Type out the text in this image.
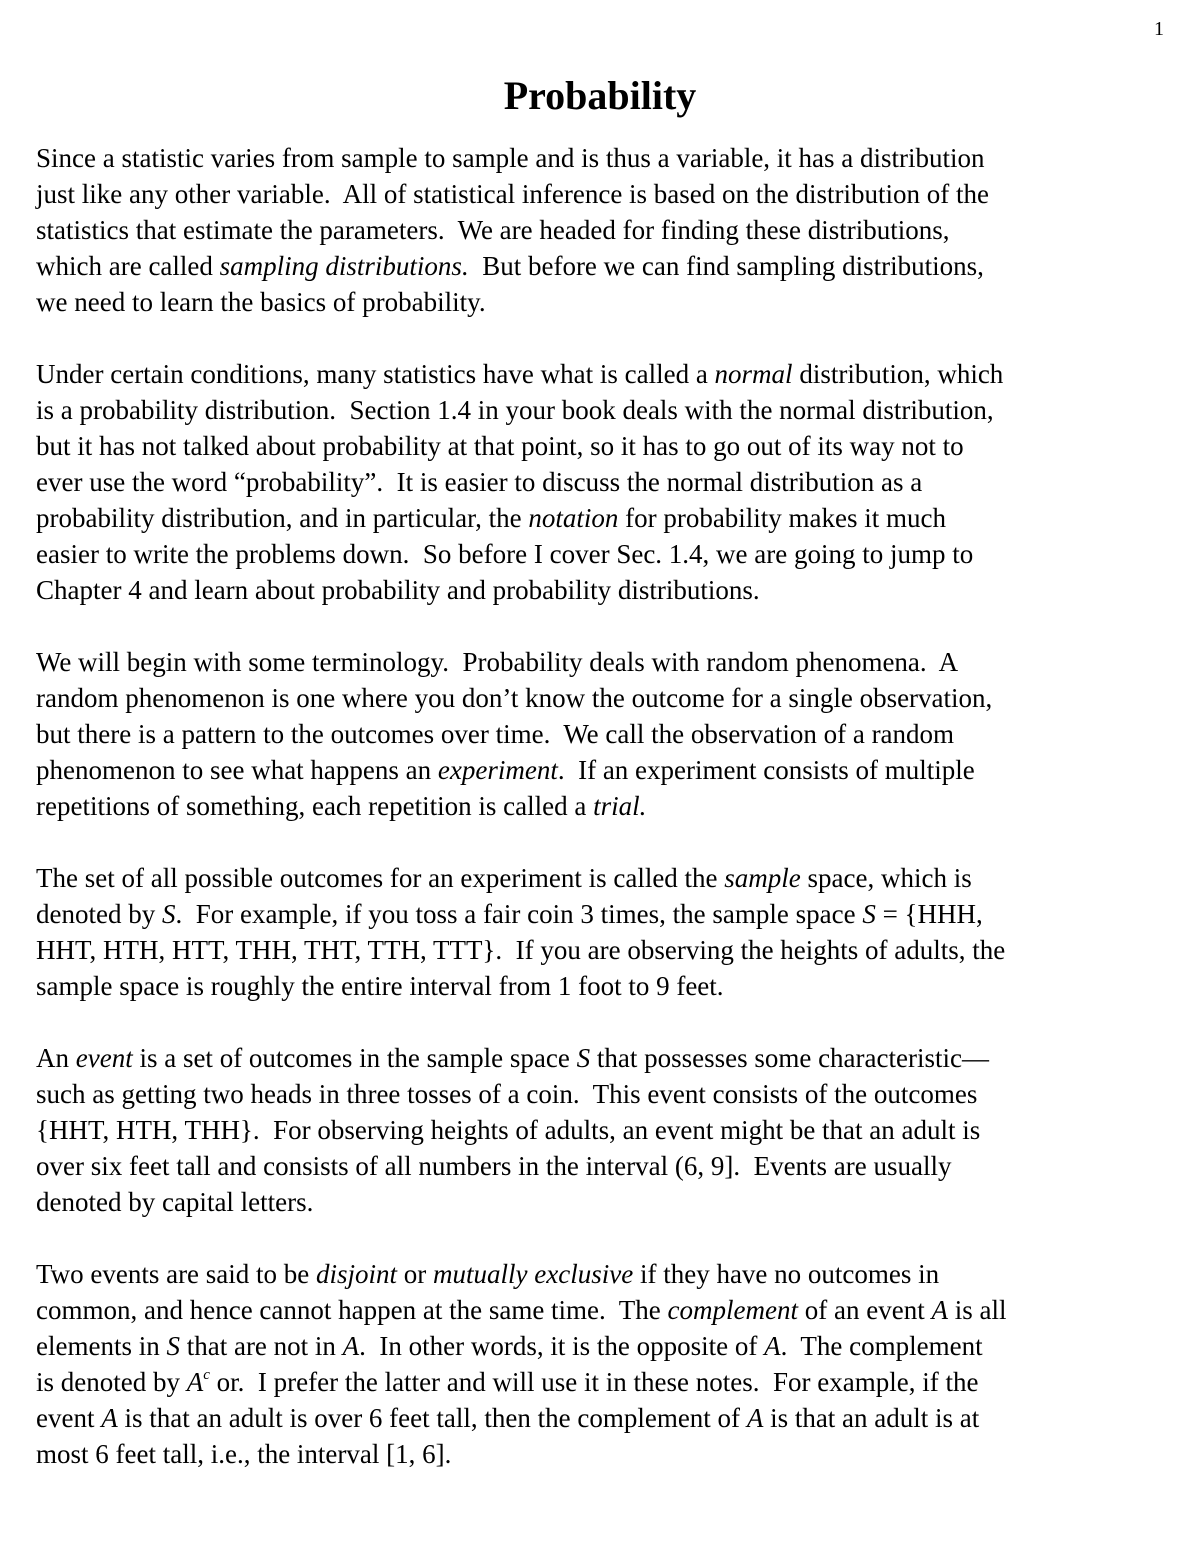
1
Probability
Since a statistic varies from sample to sample and is thus a variable, it has a distribution
just like any other variable.  All of statistical inference is based on the distribution of the
statistics that estimate the parameters.  We are headed for finding these distributions,
which are called sampling distributions.  But before we can find sampling distributions,
we need to learn the basics of probability.
Under certain conditions, many statistics have what is called a normal distribution, which
is a probability distribution.  Section 1.4 in your book deals with the normal distribution,
but it has not talked about probability at that point, so it has to go out of its way not to
ever use the word “probability”.  It is easier to discuss the normal distribution as a
probability distribution, and in particular, the notation for probability makes it much
easier to write the problems down.  So before I cover Sec. 1.4, we are going to jump to
Chapter 4 and learn about probability and probability distributions.
We will begin with some terminology.  Probability deals with random phenomena.  A
random phenomenon is one where you don’t know the outcome for a single observation,
but there is a pattern to the outcomes over time.  We call the observation of a random
phenomenon to see what happens an experiment.  If an experiment consists of multiple
repetitions of something, each repetition is called a trial.
The set of all possible outcomes for an experiment is called the sample space, which is
denoted by S.  For example, if you toss a fair coin 3 times, the sample space S = {HHH,
HHT, HTH, HTT, THH, THT, TTH, TTT}.  If you are observing the heights of adults, the
sample space is roughly the entire interval from 1 foot to 9 feet.
An event is a set of outcomes in the sample space S that possesses some characteristic—
such as getting two heads in three tosses of a coin.  This event consists of the outcomes
{HHT, HTH, THH}.  For observing heights of adults, an event might be that an adult is
over six feet tall and consists of all numbers in the interval (6, 9].  Events are usually
denoted by capital letters.
Two events are said to be disjoint or mutually exclusive if they have no outcomes in
common, and hence cannot happen at the same time.  The complement of an event A is all
elements in S that are not in A.  In other words, it is the opposite of A.  The complement
is denoted by $A^c$ or.  I prefer the latter and will use it in these notes.  For example, if the
event A is that an adult is over 6 feet tall, then the complement of A is that an adult is at
most 6 feet tall, i.e., the interval [1, 6].
